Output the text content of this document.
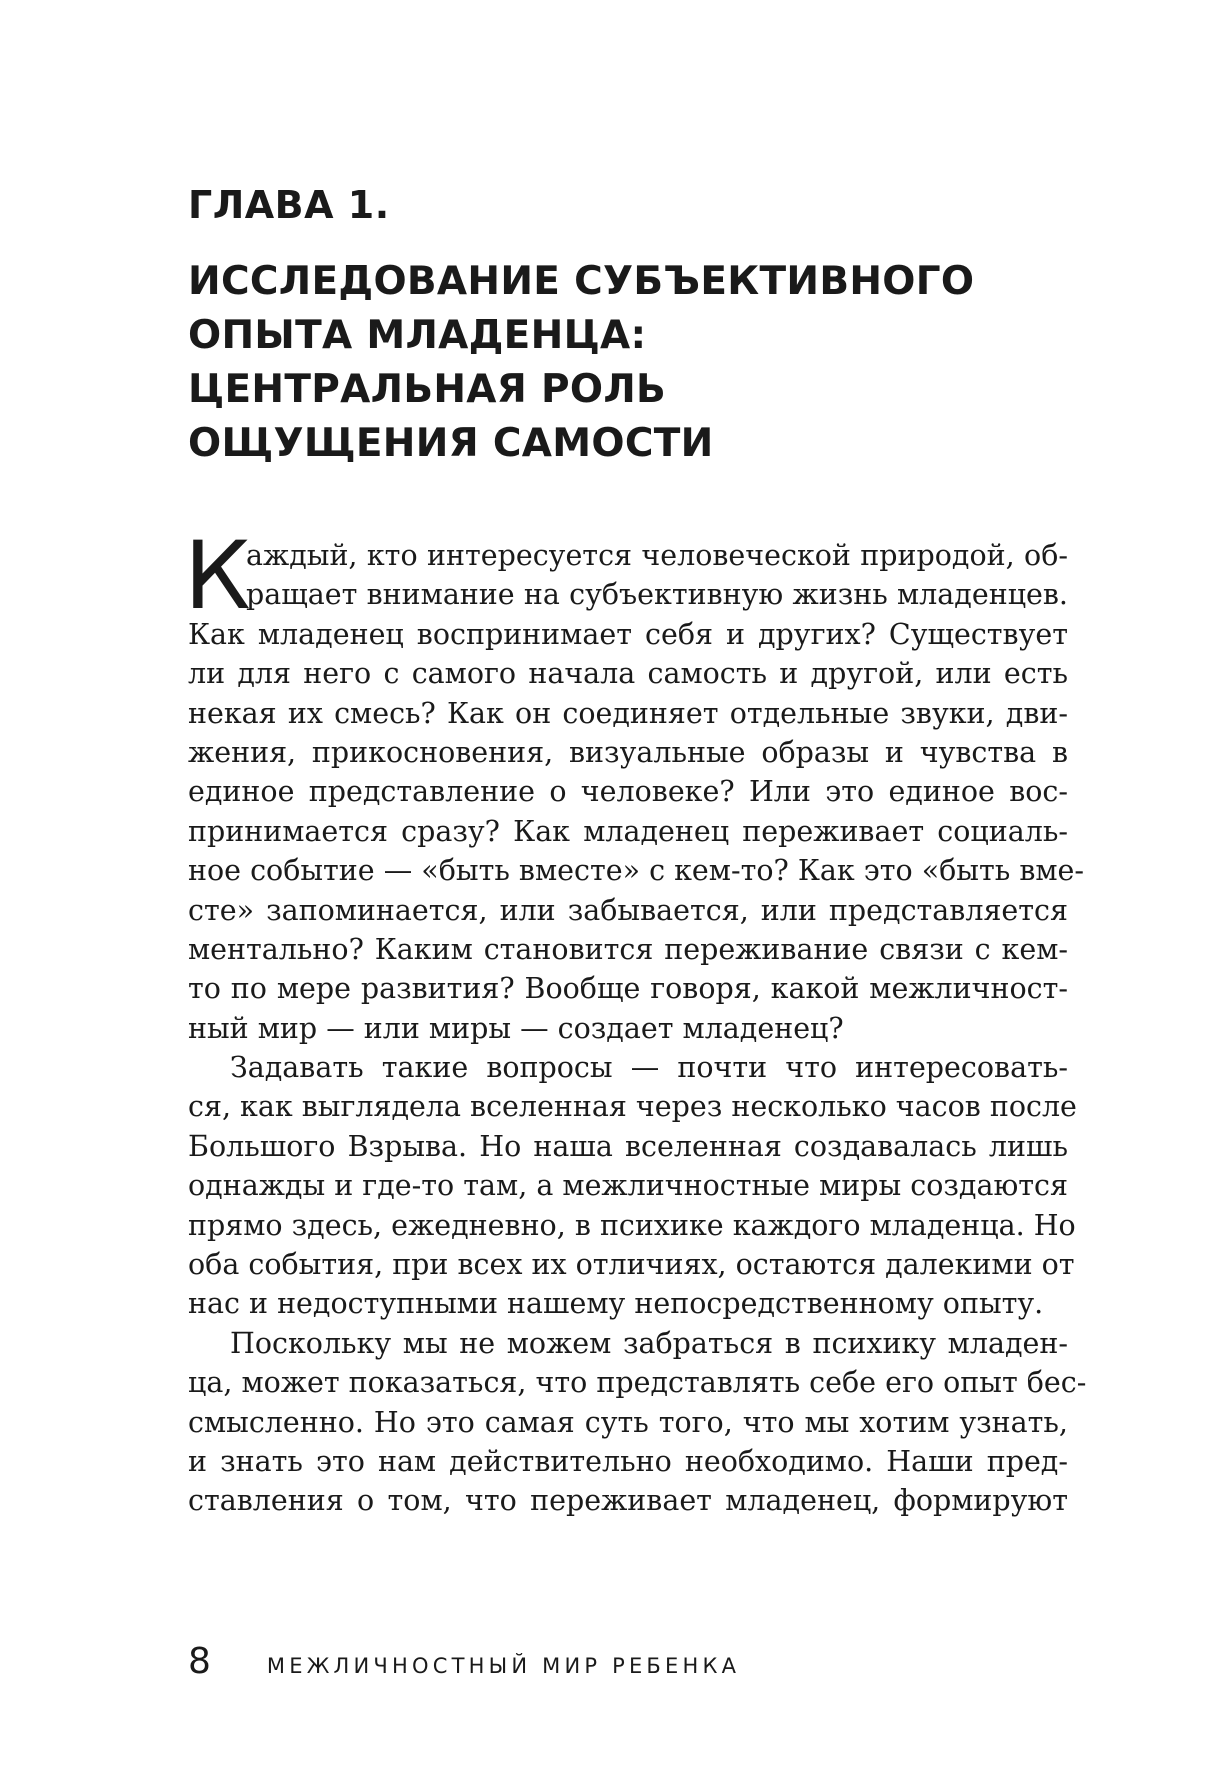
ГЛАВА 1.
ИССЛЕДОВАНИЕ СУБЪЕКТИВНОГО
ОПЫТА МЛАДЕНЦА:
ЦЕНТРАЛЬНАЯ РОЛЬ
ОЩУЩЕНИЯ САМОСТИ
К
аждый, кто интересуется человеческой природой, об-
ращает внимание на субъективную жизнь младенцев.
Как младенец воспринимает себя и других? Существует
ли для него с самого начала самость и другой, или есть
некая их смесь? Как он соединяет отдельные звуки, дви-
жения, прикосновения, визуальные образы и чувства в
единое представление о человеке? Или это единое вос-
принимается сразу? Как младенец переживает социаль-
ное событие — «быть вместе» с кем-то? Как это «быть вме-
сте» запоминается, или забывается, или представляется
ментально? Каким становится переживание связи с кем-
то по мере развития? Вообще говоря, какой межличност-
ный мир — или миры — создает младенец?
Задавать такие вопросы — почти что интересовать-
ся, как выглядела вселенная через несколько часов после
Большого Взрыва. Но наша вселенная создавалась лишь
однажды и где-то там, а межличностные миры создаются
прямо здесь, ежедневно, в психике каждого младенца. Но
оба события, при всех их отличиях, остаются далекими от
нас и недоступными нашему непосредственному опыту.
Поскольку мы не можем забраться в психику младен-
ца, может показаться, что представлять себе его опыт бес-
смысленно. Но это самая суть того, что мы хотим узнать,
и знать это нам действительно необходимо. Наши пред-
ставления о том, что переживает младенец, формируют
8	МЕЖЛИЧНОСТНЫЙ МИР РЕБЕНКА
